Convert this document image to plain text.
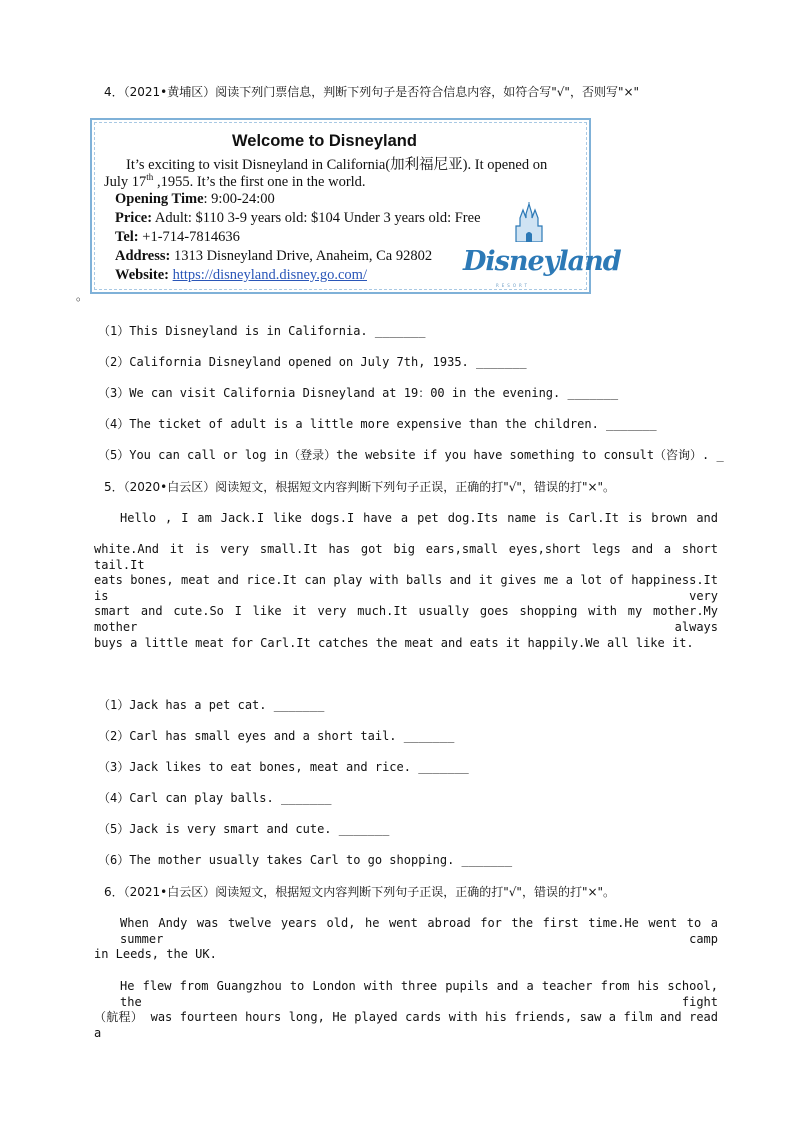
4．（2021•黄埔区）阅读下列门票信息，判断下列句子是否符合信息内容，如符合写"√"，否则写"×"
Welcome to Disneyland
It’s exciting to visit Disneyland in California(加利福尼亚). It opened on
July 17th ,1955. It’s the first one in the world.
Opening Time: 9:00-24:00
Price: Adult: $110 3-9 years old: $104 Under 3 years old: Free
Tel: +1-714-7814636
Address: 1313 Disneyland Drive, Anaheim, Ca 92802
Website: https://disneyland.disney.go.com/	Disneyland
RESORT
。
（1）This Disneyland is in California. _______
（2）California Disneyland opened on July 7th, 1935. _______
（3）We can visit California Disneyland at 19：00 in the evening. _______
（4）The ticket of adult is a little more expensive than the children. _______
（5）You can call or log in（登录）the website if you have something to consult（咨询）. _
5．（2020•白云区）阅读短文，根据短文内容判断下列句子正误，正确的打"√"，错误的打"×"。
Hello , I am Jack.I like dogs.I have a pet dog.Its name is Carl.It is brown and
white.And it is very small.It has got big ears,small eyes,short legs and a short tail.It
eats bones, meat and rice.It can play with balls and it gives me a lot of happiness.It is very
smart and cute.So I like it very much.It usually goes shopping with my mother.My mother always
buys a little meat for Carl.It catches the meat and eats it happily.We all like it.
（1）Jack has a pet cat. _______
（2）Carl has small eyes and a short tail. _______
（3）Jack likes to eat bones, meat and rice. _______
（4）Carl can play balls. _______
（5）Jack is very smart and cute. _______
（6）The mother usually takes Carl to go shopping. _______
6．（2021•白云区）阅读短文，根据短文内容判断下列句子正误，正确的打"√"，错误的打"×"。
When Andy was twelve years old, he went abroad for the first time.He went to a summer camp
in Leeds, the UK.
He flew from Guangzhou to London with three pupils and a teacher from his school, the fight
（航程） was fourteen hours long, He played cards with his friends, saw a film and read a
